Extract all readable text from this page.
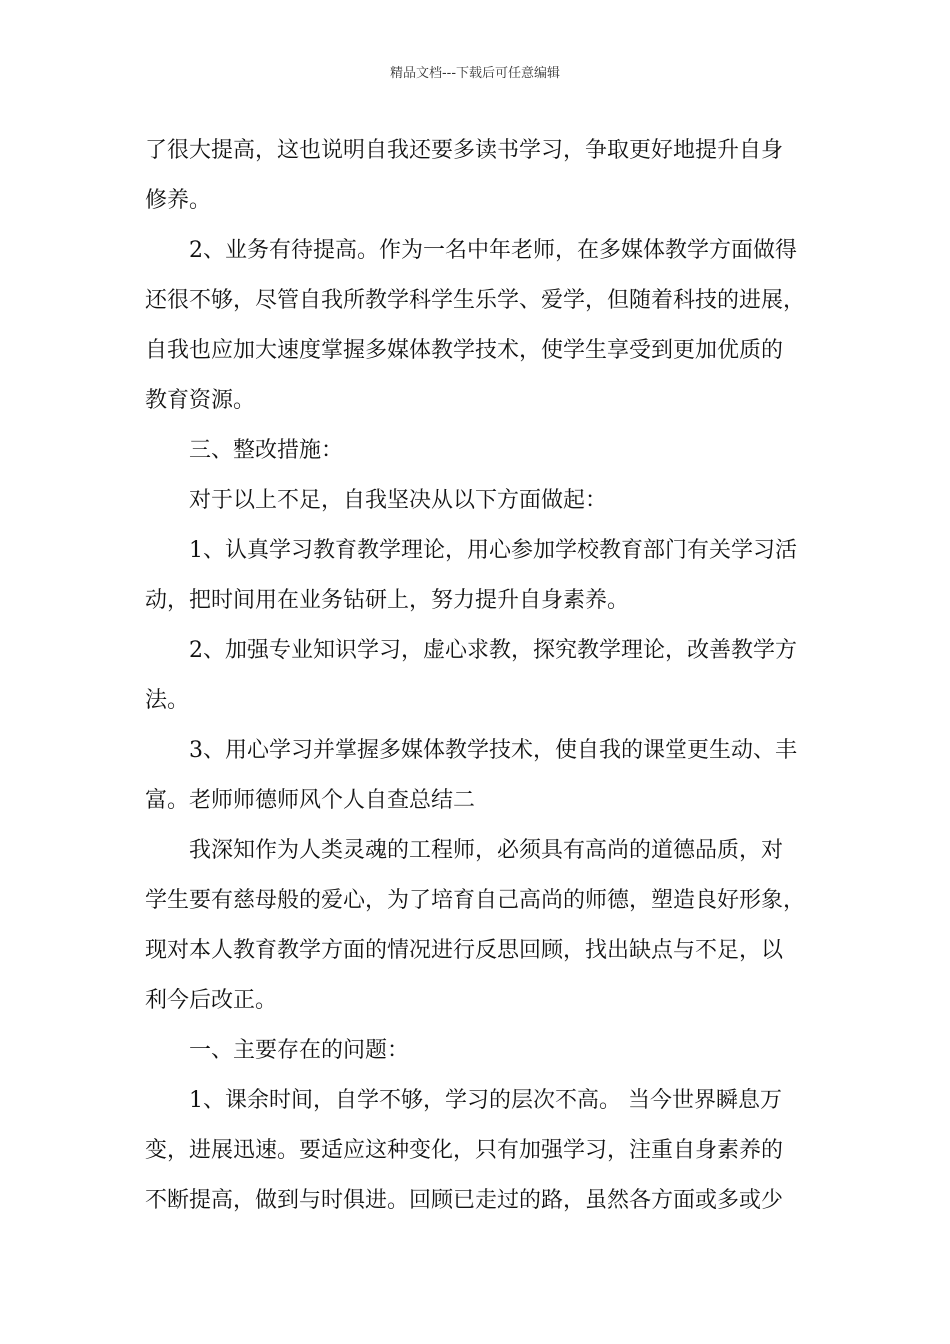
精品文档---下载后可任意编辑
了很大提高，这也说明自我还要多读书学习，争取更好地提升自身
修养。
2、业务有待提高。作为一名中年老师，在多媒体教学方面做得
还很不够，尽管自我所教学科学生乐学、爱学，但随着科技的进展，
自我也应加大速度掌握多媒体教学技术，使学生享受到更加优质的
教育资源。
三、整改措施：
对于以上不足，自我坚决从以下方面做起：
1、认真学习教育教学理论，用心参加学校教育部门有关学习活
动，把时间用在业务钻研上，努力提升自身素养。
2、加强专业知识学习，虚心求教，探究教学理论，改善教学方
法。
3、用心学习并掌握多媒体教学技术，使自我的课堂更生动、丰
富。老师师德师风个人自查总结二
我深知作为人类灵魂的工程师，必须具有高尚的道德品质，对
学生要有慈母般的爱心，为了培育自己高尚的师德，塑造良好形象，
现对本人教育教学方面的情况进行反思回顾，找出缺点与不足，以
利今后改正。
一、主要存在的问题：
1、课余时间，自学不够，学习的层次不高。 当今世界瞬息万
变，进展迅速。要适应这种变化，只有加强学习，注重自身素养的
不断提高，做到与时俱进。回顾已走过的路，虽然各方面或多或少
